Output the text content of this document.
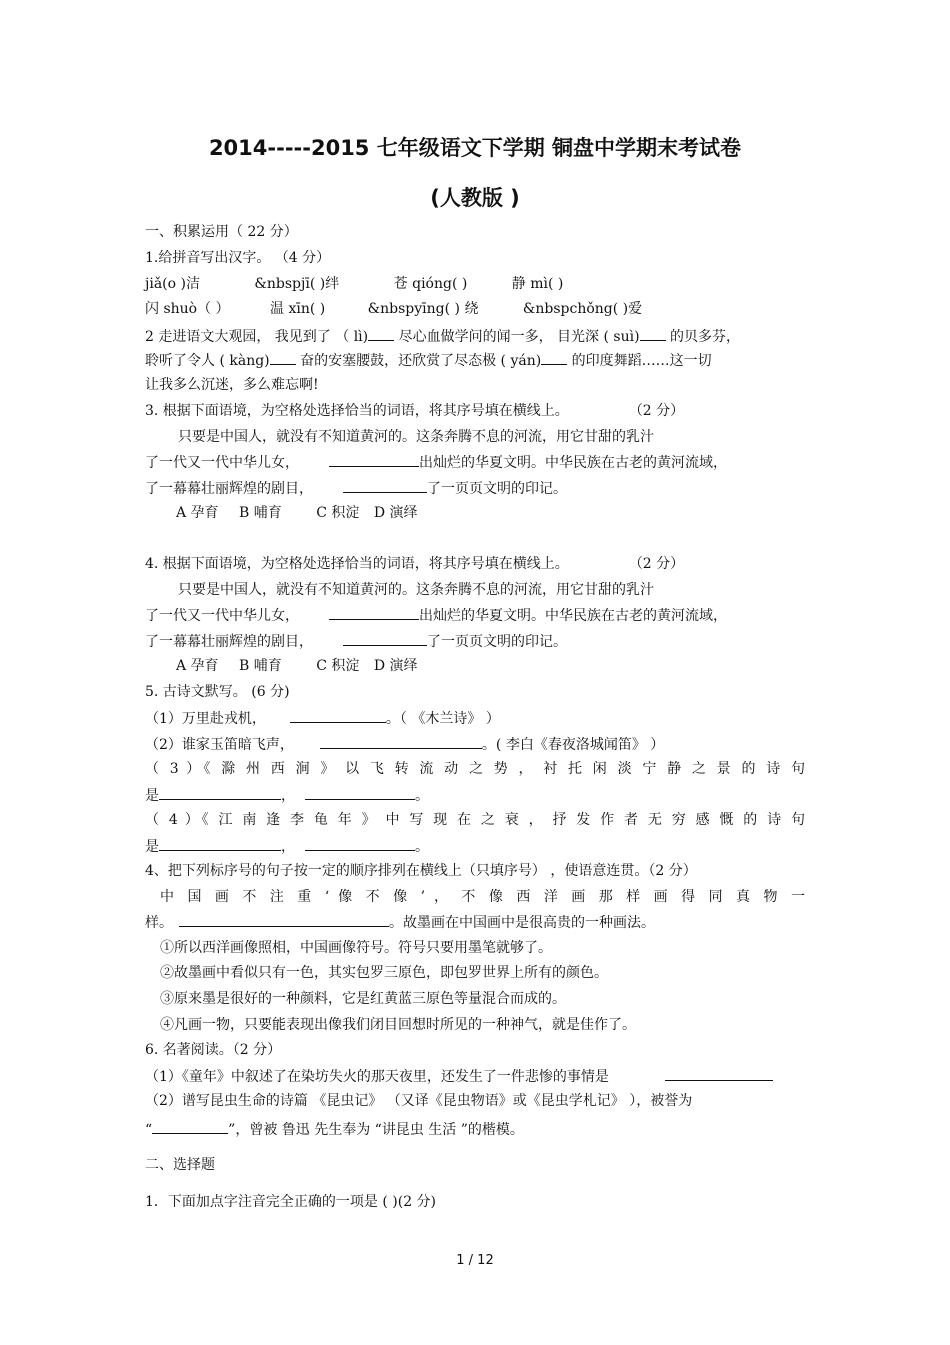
2014-----2015 七年级语文下学期 铜盘中学期末考试卷
(人教版 )
一、积累运用（ 22 分）
1.给拼音写出汉字。 （4 分）
jiǎ(o )洁	&nbspjī( )绊	苍 qióng( )	静 mì( )
闪 shuò（ ）	温 xīn( )	&nbspyīng( ) 绕	&nbspchǒng( )爱
2 走进语文大观园， 我见到了 （ lì) 尽心血做学问的闻一多， 目光深 ( suì) 的贝多芬，
聆听了令人 ( kàng) 奋的安塞腰鼓，还欣赏了尽态极 ( yán) 的印度舞蹈……这一切
让我多么沉迷，多么难忘啊!
3. 根据下面语境，为空格处选择恰当的词语，将其序号填在横线上。	（2 分）
只要是中国人，就没有不知道黄河的。这条奔腾不息的河流，用它甘甜的乳汁
了一代又一代中华儿女，	出灿烂的华夏文明。中华民族在古老的黄河流域，
了一幕幕壮丽辉煌的剧目，	了一页页文明的印记。
A 孕育 B 哺育 C 积淀 D 演绎
4. 根据下面语境，为空格处选择恰当的词语，将其序号填在横线上。	（2 分）
只要是中国人，就没有不知道黄河的。这条奔腾不息的河流，用它甘甜的乳汁
了一代又一代中华儿女，	出灿烂的华夏文明。中华民族在古老的黄河流域，
了一幕幕壮丽辉煌的剧目，	了一页页文明的印记。
A 孕育 B 哺育 C 积淀 D 演绎
5. 古诗文默写。 (6 分)
（1）万里赴戎机，	。（ 《木兰诗》 ）
（2）谁家玉笛暗飞声，	。( 李白《春夜洛城闻笛》 ）
（ 3 ）《 滁 州 西 涧 》 以 飞 转 流 动 之 势 ， 衬 托 闲 淡 宁 静 之 景 的 诗 句
是	，	。
（ 4 ）《 江 南 逢 李 龟 年 》 中 写 现 在 之 衰 ， 抒 发 作 者 无 穷 感 慨 的 诗 句
是	，	。
4、把下列标序号的句子按一定的顺序排列在横线上（只填序号） ，使语意连贯。（2 分）
中 国 画 不 注 重 ‘ 像 不 像 ’ ， 不 像 西 洋 画 那 样 画 得 同 真 物 一
样。	。故墨画在中国画中是很高贵的一种画法。
①所以西洋画像照相，中国画像符号。符号只要用墨笔就够了。
②故墨画中看似只有一色，其实包罗三原色，即包罗世界上所有的颜色。
③原来墨是很好的一种颜料，它是红黄蓝三原色等量混合而成的。
④凡画一物，只要能表现出像我们闭目回想时所见的一种神气，就是佳作了。
6. 名著阅读。（2 分）
（1）《童年》中叙述了在染坊失火的那天夜里，还发生了一件悲惨的事情是
（2）谱写昆虫生命的诗篇 《昆虫记》 （又译《昆虫物语》或《昆虫学札记》 ），被誉为
“	”，曾被 鲁迅 先生奉为 “讲昆虫 生活 ”的楷模。
二、选择题
1．下面加点字注音完全正确的一项是 ( )(2 分)
1 / 12
